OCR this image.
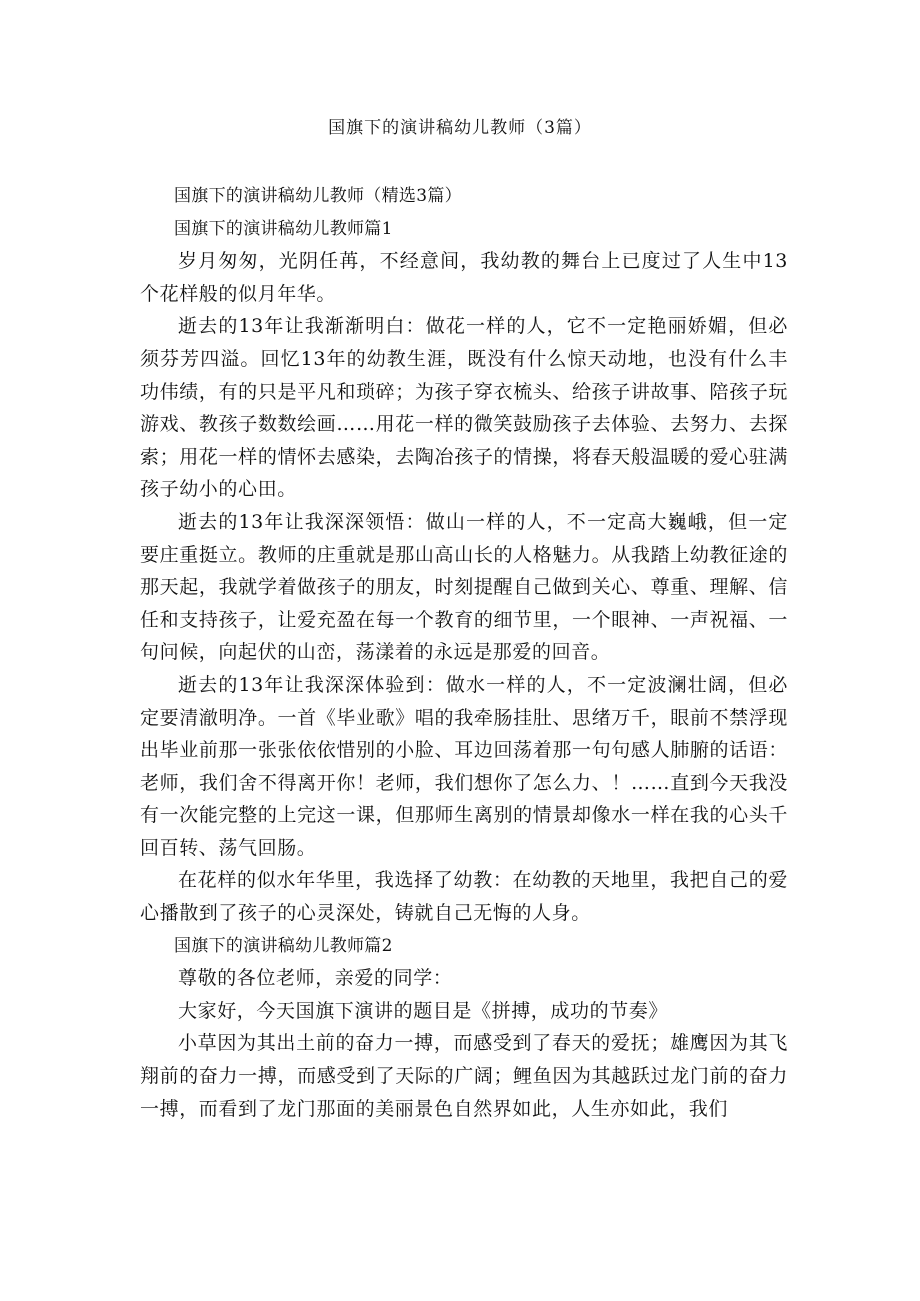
国旗下的演讲稿幼儿教师（3篇）

国旗下的演讲稿幼儿教师（精选3篇）

国旗下的演讲稿幼儿教师篇1

岁月匆匆，光阴任苒，不经意间，我幼教的舞台上已度过了人生中13个花样般的似月年华。

逝去的13年让我渐渐明白：做花一样的人，它不一定艳丽娇媚，但必须芬芳四溢。回忆13年的幼教生涯，既没有什么惊天动地，也没有什么丰功伟绩，有的只是平凡和琐碎；为孩子穿衣梳头、给孩子讲故事、陪孩子玩游戏、教孩子数数绘画……用花一样的微笑鼓励孩子去体验、去努力、去探索；用花一样的情怀去感染，去陶冶孩子的情操，将春天般温暖的爱心驻满孩子幼小的心田。

逝去的13年让我深深领悟：做山一样的人，不一定高大巍峨，但一定要庄重挺立。教师的庄重就是那山高山长的人格魅力。从我踏上幼教征途的那天起，我就学着做孩子的朋友，时刻提醒自己做到关心、尊重、理解、信任和支持孩子，让爱充盈在每一个教育的细节里，一个眼神、一声祝福、一句问候，向起伏的山峦，荡漾着的永远是那爱的回音。

逝去的13年让我深深体验到：做水一样的人，不一定波澜壮阔，但必定要清澈明净。一首《毕业歌》唱的我牵肠挂肚、思绪万千，眼前不禁浮现出毕业前那一张张依依惜别的小脸、耳边回荡着那一句句感人肺腑的话语：老师，我们舍不得离开你！老师，我们想你了怎么力、！……直到今天我没有一次能完整的上完这一课，但那师生离别的情景却像水一样在我的心头千回百转、荡气回肠。

在花样的似水年华里，我选择了幼教：在幼教的天地里，我把自己的爱心播散到了孩子的心灵深处，铸就自己无悔的人身。

国旗下的演讲稿幼儿教师篇2

尊敬的各位老师，亲爱的同学：

大家好，今天国旗下演讲的题目是《拼搏，成功的节奏》

小草因为其出土前的奋力一搏，而感受到了春天的爱抚；雄鹰因为其飞翔前的奋力一搏，而感受到了天际的广阔；鲤鱼因为其越跃过龙门前的奋力一搏，而看到了龙门那面的美丽景色自然界如此，人生亦如此，我们
